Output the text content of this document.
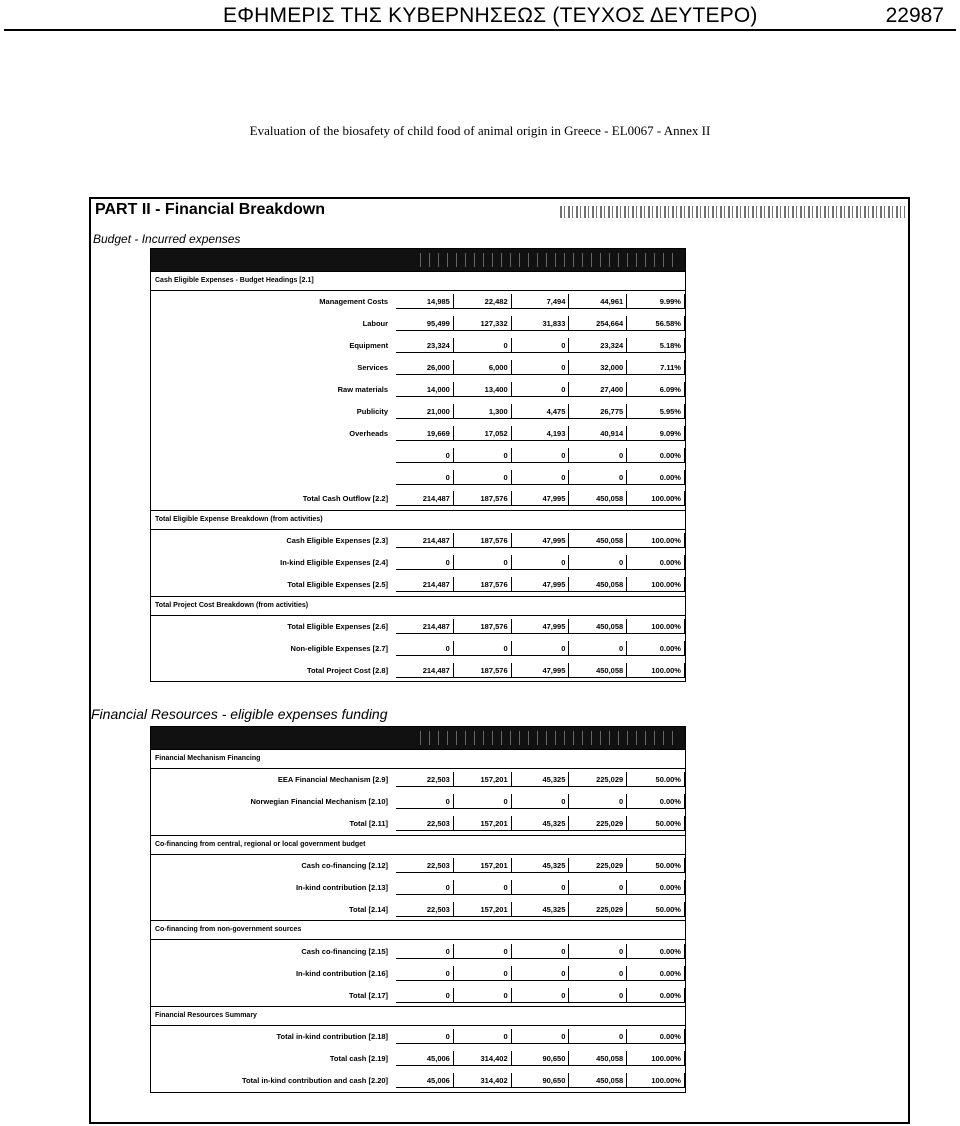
ΕΦΗΜΕΡΙΣ ΤΗΣ ΚΥΒΕΡΝΗΣΕΩΣ (ΤΕΥΧΟΣ ΔΕΥΤΕΡΟ)	22987
Evaluation of the biosafety of child food of animal origin in Greece - EL0067 - Annex II
PART II - Financial Breakdown
Budget - Incurred expenses
Cash Eligible Expenses - Budget Headings [2.1]
Management Costs	14,985	22,482	7,494	44,961	9.99%
Labour	95,499	127,332	31,833	254,664	56.58%
Equipment	23,324	0	0	23,324	5.18%
Services	26,000	6,000	0	32,000	7.11%
Raw materials	14,000	13,400	0	27,400	6.09%
Publicity	21,000	1,300	4,475	26,775	5.95%
Overheads	19,669	17,052	4,193	40,914	9.09%
0	0	0	0	0.00%
0	0	0	0	0.00%
Total Cash Outflow [2.2]	214,487	187,576	47,995	450,058	100.00%
Total Eligible Expense Breakdown (from activities)
Cash Eligible Expenses [2.3]	214,487	187,576	47,995	450,058	100.00%
In-kind Eligible Expenses [2.4]	0	0	0	0	0.00%
Total Eligible Expenses [2.5]	214,487	187,576	47,995	450,058	100.00%
Total Project Cost Breakdown (from activities)
Total Eligible Expenses [2.6]	214,487	187,576	47,995	450,058	100.00%
Non-eligible Expenses [2.7]	0	0	0	0	0.00%
Total Project Cost [2.8]	214,487	187,576	47,995	450,058	100.00%
Financial Resources - eligible expenses funding
Financial Mechanism Financing
EEA Financial Mechanism [2.9]	22,503	157,201	45,325	225,029	50.00%
Norwegian Financial Mechanism [2.10]	0	0	0	0	0.00%
Total [2.11]	22,503	157,201	45,325	225,029	50.00%
Co-financing from central, regional or local government budget
Cash co-financing [2.12]	22,503	157,201	45,325	225,029	50.00%
In-kind contribution [2.13]	0	0	0	0	0.00%
Total [2.14]	22,503	157,201	45,325	225,029	50.00%
Co-financing from non-government sources
Cash co-financing [2.15]	0	0	0	0	0.00%
In-kind contribution [2.16]	0	0	0	0	0.00%
Total [2.17]	0	0	0	0	0.00%
Financial Resources Summary
Total in-kind contribution [2.18]	0	0	0	0	0.00%
Total cash [2.19]	45,006	314,402	90,650	450,058	100.00%
Total in-kind contribution and cash [2.20]	45,006	314,402	90,650	450,058	100.00%
